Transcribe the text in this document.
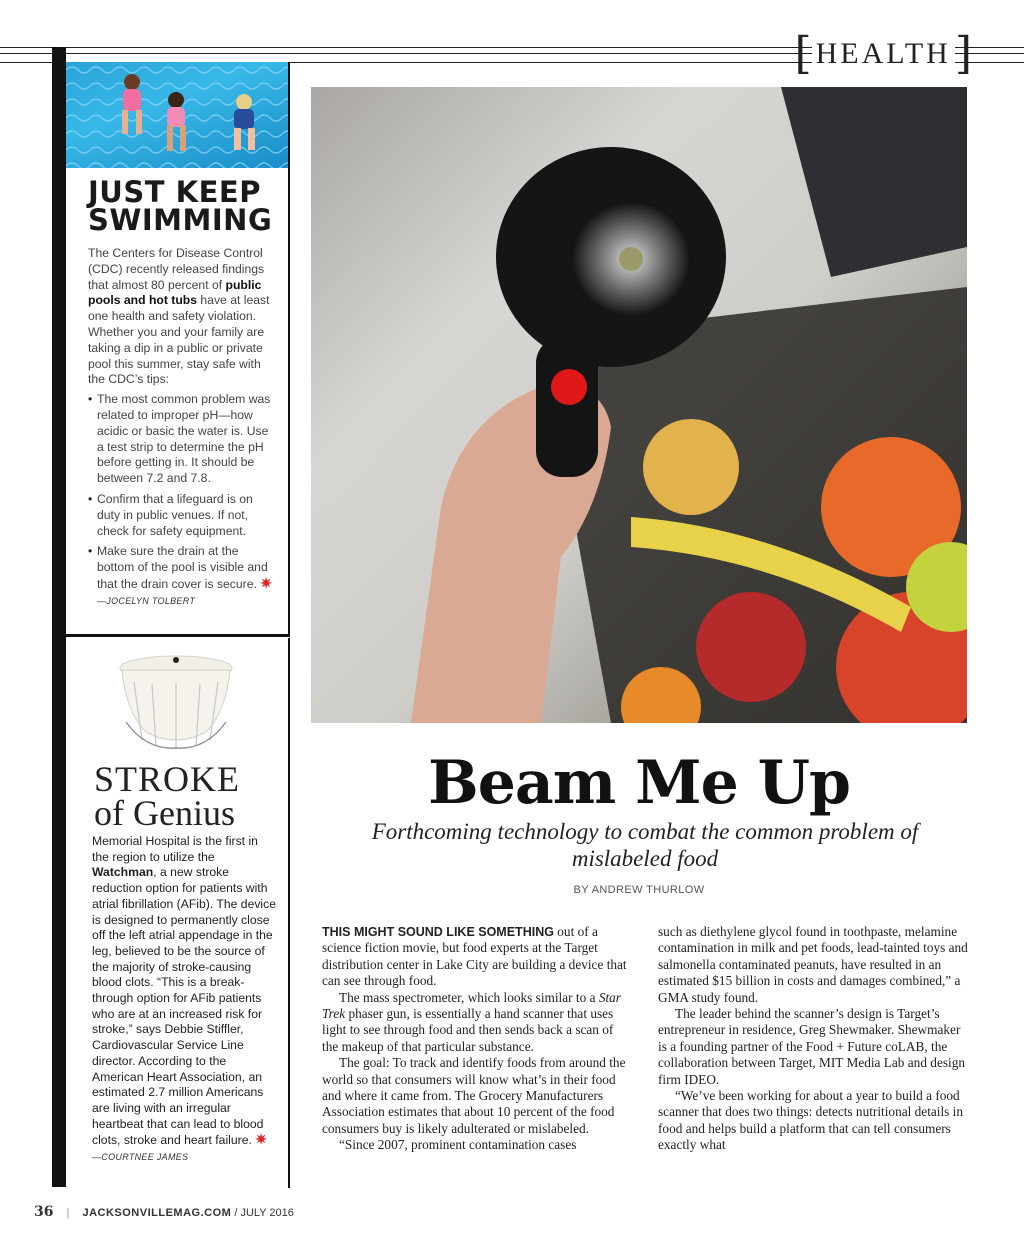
[ HEALTH ]
JUST KEEP
SWIMMING
The Centers for Disease Control (CDC) recently released findings that almost 80 percent of public pools and hot tubs have at least one health and safety violation. Whether you and your family are taking a dip in a public or private pool this summer, stay safe with the CDC’s tips:
• The most common problem was related to improper pH—how acidic or basic the water is. Use a test strip to determine the pH before getting in. It should be between 7.2 and 7.8.
• Confirm that a lifeguard is on duty in public venues. If not, check for safety equipment.
• Make sure the drain at the bottom of the pool is visible and that the drain cover is secure. ✷ —JOCELYN TOLBERT
STROKE
of Genius
Memorial Hospital is the first in the region to utilize the Watchman, a new stroke reduction option for patients with atrial fibrillation (AFib). The device is designed to permanently close off the left atrial appendage in the leg, believed to be the source of the majority of stroke-causing blood clots. “This is a break-through option for AFib patients who are at an increased risk for stroke,” says Debbie Stiffler, Cardiovascular Service Line director. According to the American Heart Association, an estimated 2.7 million Americans are living with an irregular heartbeat that can lead to blood clots, stroke and heart failure. ✷
—COURTNEE JAMES
Beam Me Up
Forthcoming technology to combat the common problem of mislabeled food
BY ANDREW THURLOW

THIS MIGHT SOUND LIKE SOMETHING out of a science fiction movie, but food experts at the Target distribution center in Lake City are building a device that can see through food.

The mass spectrometer, which looks similar to a Star Trek phaser gun, is essentially a hand scanner that uses light to see through food and then sends back a scan of the makeup of that particular substance.

The goal: To track and identify foods from around the world so that consumers will know what’s in their food and where it came from. The Grocery Manufacturers Association estimates that about 10 percent of the food consumers buy is likely adulterated or mislabeled.

“Since 2007, prominent contamination cases

such as diethylene glycol found in toothpaste, melamine contamination in milk and pet foods, lead-tainted toys and salmonella contaminated peanuts, have resulted in an estimated $15 billion in costs and damages combined,” a GMA study found.

The leader behind the scanner’s design is Target’s entrepreneur in residence, Greg Shewmaker. Shewmaker is a founding partner of the Food + Future coLAB, the collaboration between Target, MIT Media Lab and design firm IDEO.

“We’ve been working for about a year to build a food scanner that does two things: detects nutritional details in food and helps build a platform that can tell consumers exactly what

36 | JACKSONVILLEMAG.COM / JULY 2016
